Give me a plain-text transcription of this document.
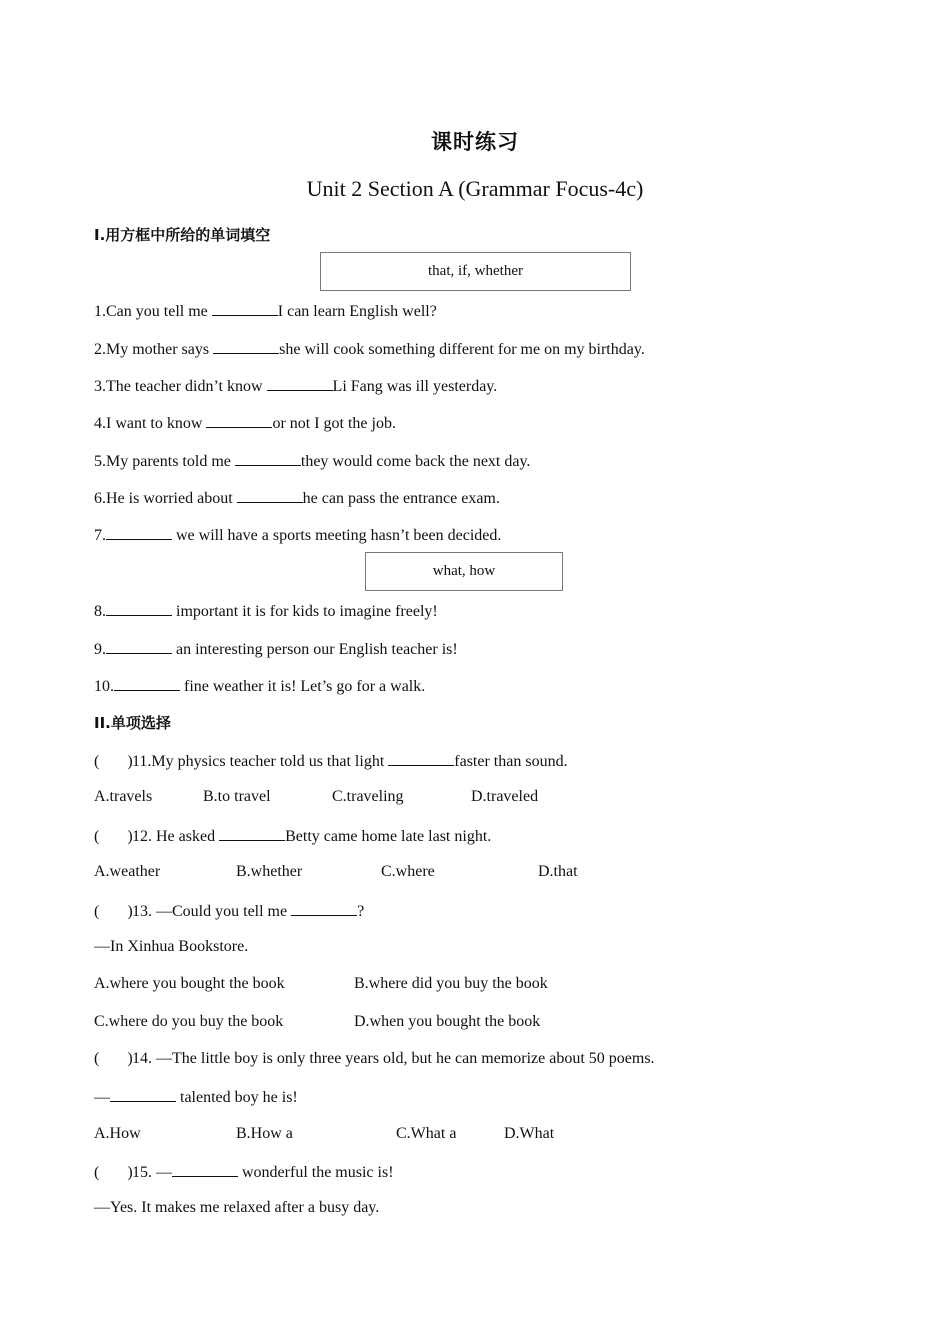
课时练习
Unit 2 Section A (Grammar Focus-4c)
I.用方框中所给的单词填空
that, if, whether
1.Can you tell me	I can learn English well?
2.My mother says	she will cook something different for me on my birthday.
3.The teacher didn’t know	Li Fang was ill yesterday.
4.I want to know	or not I got the job.
5.My parents told me	they would come back the next day.
6.He is worried about	he can pass the entrance exam.
7.	we will have a sports meeting hasn’t been decided.
what, how
8.	important it is for kids to imagine freely!
9.	an interesting person our English teacher is!
10.	fine weather it is! Let’s go for a walk.
II.单项选择
( )11.My physics teacher told us that light	faster than sound.
A.travels	B.to travel	C.traveling	D.traveled
( )12. He asked	Betty came home late last night.
A.weather	B.whether	C.where	D.that
( )13. —Could you tell me	?
—In Xinhua Bookstore.
A.where you bought the book	B.where did you buy the book
C.where do you buy the book	D.when you bought the book
( )14. —The little boy is only three years old, but he can memorize about 50 poems.
—	talented boy he is!
A.How	B.How a	C.What a	D.What
( )15. —	wonderful the music is!
—Yes. It makes me relaxed after a busy day.
